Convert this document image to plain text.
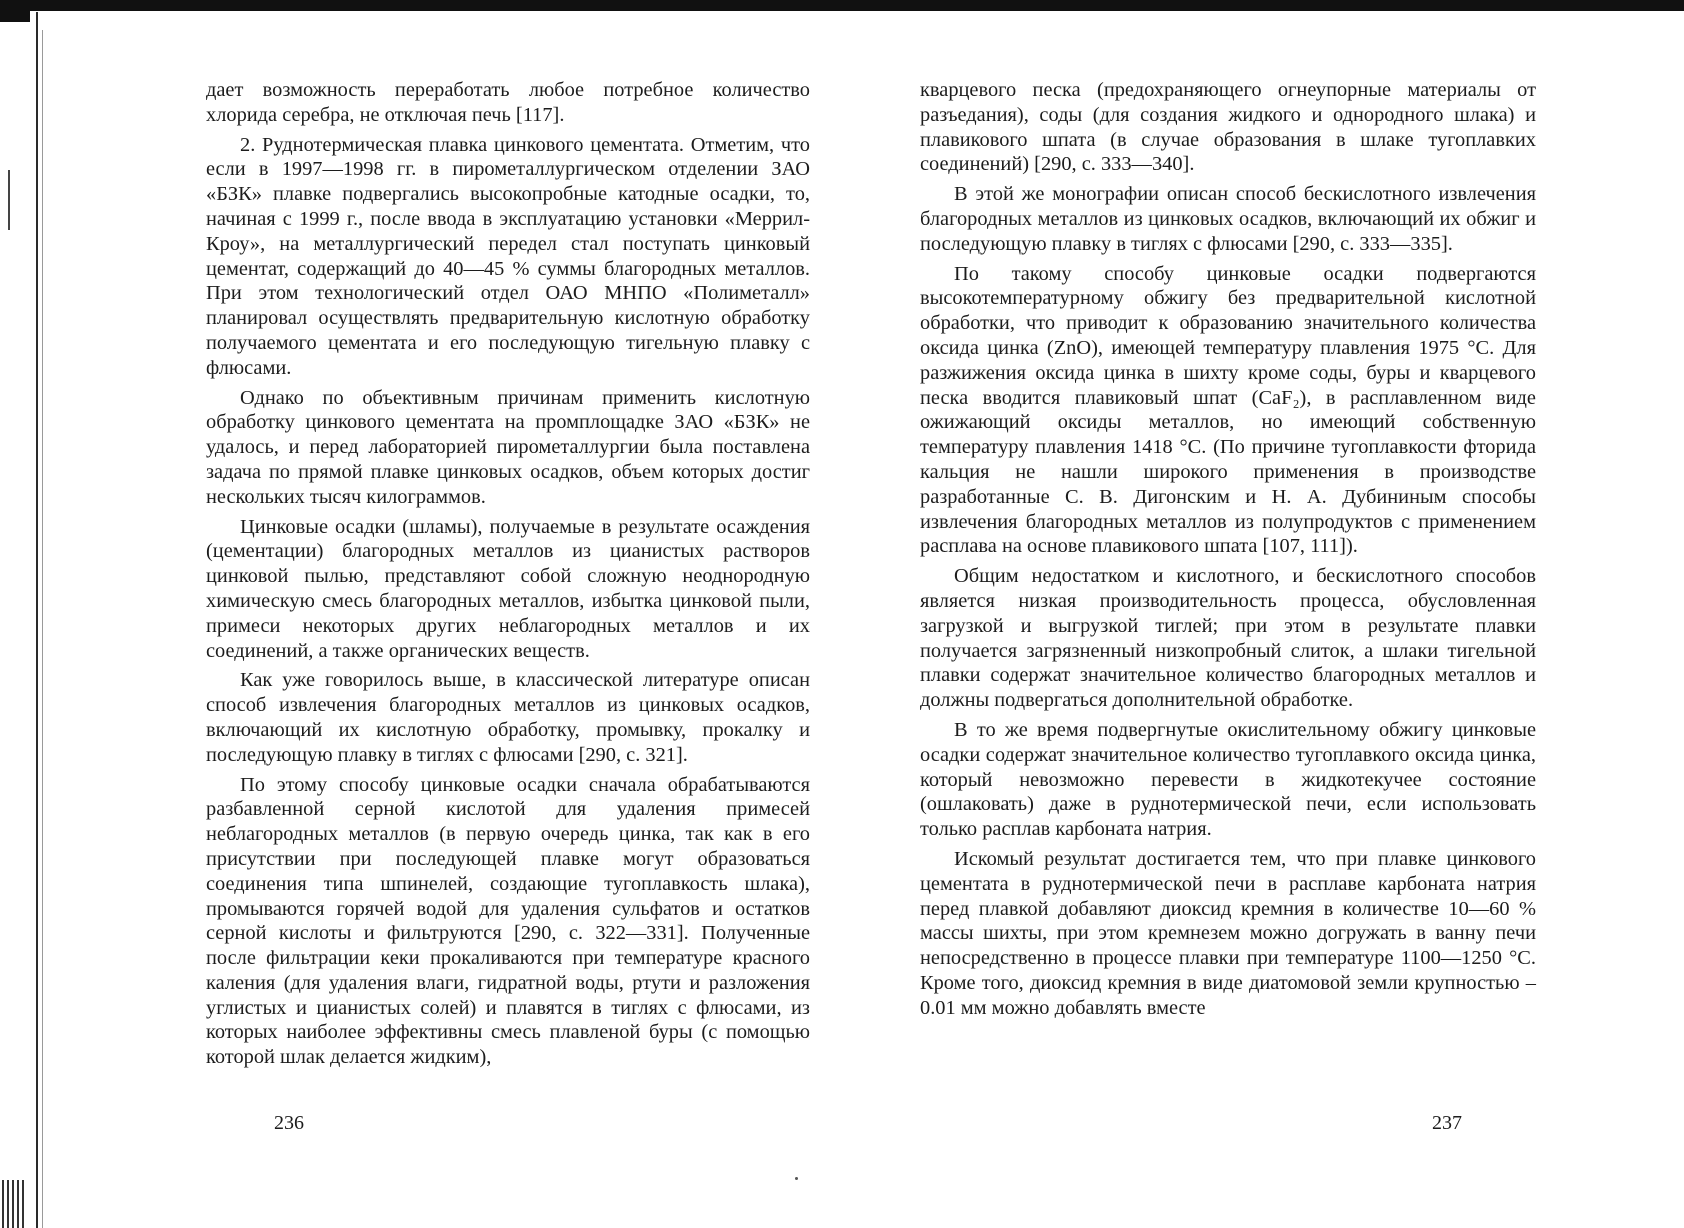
дает возможность переработать любое потребное количество хлорида серебра, не отключая печь [117].

2. Руднотермическая плавка цинкового цементата. Отметим, что если в 1997—1998 гг. в пирометаллургическом отделении ЗАО «БЗК» плавке подвергались высокопробные катодные осадки, то, начиная с 1999 г., после ввода в эксплуатацию установки «Меррил-Кроу», на металлургический передел стал поступать цинковый цементат, содержащий до 40—45 % суммы благородных металлов. При этом технологический отдел ОАО МНПО «Полиметалл» планировал осуществлять предварительную кислотную обработку получаемого цементата и его последующую тигельную плавку с флюсами.

Однако по объективным причинам применить кислотную обработку цинкового цементата на промплощадке ЗАО «БЗК» не удалось, и перед лабораторией пирометаллургии была поставлена задача по прямой плавке цинковых осадков, объем которых достиг нескольких тысяч килограммов.

Цинковые осадки (шламы), получаемые в результате осаждения (цементации) благородных металлов из цианистых растворов цинковой пылью, представляют собой сложную неоднородную химическую смесь благородных металлов, избытка цинковой пыли, примеси некоторых других неблагородных металлов и их соединений, а также органических веществ.

Как уже говорилось выше, в классической литературе описан способ извлечения благородных металлов из цинковых осадков, включающий их кислотную обработку, промывку, прокалку и последующую плавку в тиглях с флюсами [290, с. 321].

По этому способу цинковые осадки сначала обрабатываются разбавленной серной кислотой для удаления примесей неблагородных металлов (в первую очередь цинка, так как в его присутствии при последующей плавке могут образоваться соединения типа шпинелей, создающие тугоплавкость шлака), промываются горячей водой для удаления сульфатов и остатков серной кислоты и фильтруются [290, с. 322—331]. Полученные после фильтрации кеки прокаливаются при температуре красного каления (для удаления влаги, гидратной воды, ртути и разложения углистых и цианистых солей) и плавятся в тиглях с флюсами, из которых наиболее эффективны смесь плавленой буры (с помощью которой шлак делается жидким),

236

кварцевого песка (предохраняющего огнеупорные материалы от разъедания), соды (для создания жидкого и однородного шлака) и плавикового шпата (в случае образования в шлаке тугоплавких соединений) [290, с. 333—340].

В этой же монографии описан способ бескислотного извлечения благородных металлов из цинковых осадков, включающий их обжиг и последующую плавку в тиглях с флюсами [290, с. 333—335].

По такому способу цинковые осадки подвергаются высокотемпературному обжигу без предварительной кислотной обработки, что приводит к образованию значительного количества оксида цинка (ZnO), имеющей температуру плавления 1975 °С. Для разжижения оксида цинка в шихту кроме соды, буры и кварцевого песка вводится плавиковый шпат (CaF₂), в расплавленном виде ожижающий оксиды металлов, но имеющий собственную температуру плавления 1418 °С. (По причине тугоплавкости фторида кальция не нашли широкого применения в производстве разработанные С. В. Дигонским и Н. А. Дубининым способы извлечения благородных металлов из полупродуктов с применением расплава на основе плавикового шпата [107, 111]).

Общим недостатком и кислотного, и бескислотного способов является низкая производительность процесса, обусловленная загрузкой и выгрузкой тиглей; при этом в результате плавки получается загрязненный низкопробный слиток, а шлаки тигельной плавки содержат значительное количество благородных металлов и должны подвергаться дополнительной обработке.

В то же время подвергнутые окислительному обжигу цинковые осадки содержат значительное количество тугоплавкого оксида цинка, который невозможно перевести в жидкотекучее состояние (ошлаковать) даже в руднотермической печи, если использовать только расплав карбоната натрия.

Искомый результат достигается тем, что при плавке цинкового цементата в руднотермической печи в расплаве карбоната натрия перед плавкой добавляют диоксид кремния в количестве 10—60 % массы шихты, при этом кремнезем можно догружать в ванну печи непосредственно в процессе плавки при температуре 1100—1250 °С. Кроме того, диоксид кремния в виде диатомовой земли крупностью –0.01 мм можно добавлять вместе

237
